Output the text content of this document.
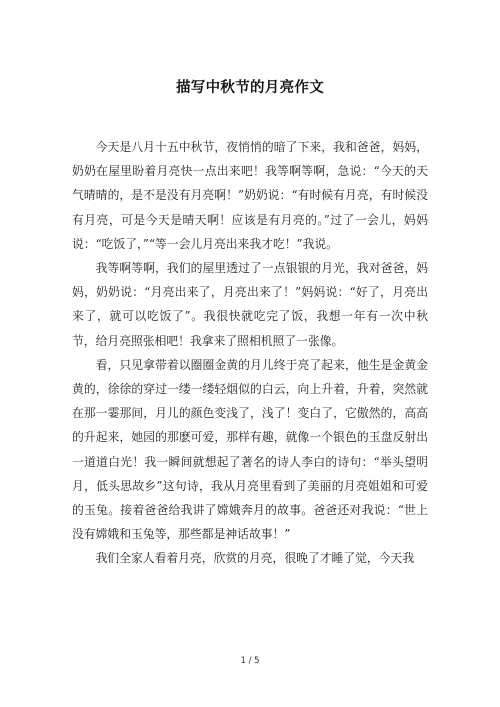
描写中秋节的月亮作文

今天是八月十五中秋节，夜悄悄的暗了下来，我和爸爸，妈妈，奶奶在屋里盼着月亮快一点出来吧！我等啊等啊，急说：“今天的天气晴晴的，是不是没有月亮啊！”奶奶说：“有时候有月亮，有时候没有月亮，可是今天是晴天啊！应该是有月亮的。”过了一会儿，妈妈说：“吃饭了，”“等一会儿月亮出来我才吃！”我说。

我等啊等啊，我们的屋里透过了一点银银的月光，我对爸爸，妈妈，奶奶说：“月亮出来了，月亮出来了！”妈妈说：“好了，月亮出来了，就可以吃饭了”。我很快就吃完了饭，我想一年有一次中秋节，给月亮照张相吧！我拿来了照相机照了一张像。

看，只见拿带着以圈圈金黄的月儿终于亮了起来，他生是金黄金黄的，徐徐的穿过一缕一缕轻烟似的白云，向上升着，升着，突然就在那一霎那间，月儿的颜色变浅了，浅了！变白了，它傲然的，高高的升起来，她园的那麽可爱，那样有趣，就像一个银色的玉盘反射出一道道白光！我一瞬间就想起了著名的诗人李白的诗句：“举头望明月，低头思故乡”这句诗，我从月亮里看到了美丽的月亮姐姐和可爱的玉兔。接着爸爸给我讲了嫦娥奔月的故事。爸爸还对我说：“世上没有嫦娥和玉兔等，那些都是神话故事！”

我们全家人看着月亮，欣赏的月亮，很晚了才睡了觉，今天我

1 / 5
